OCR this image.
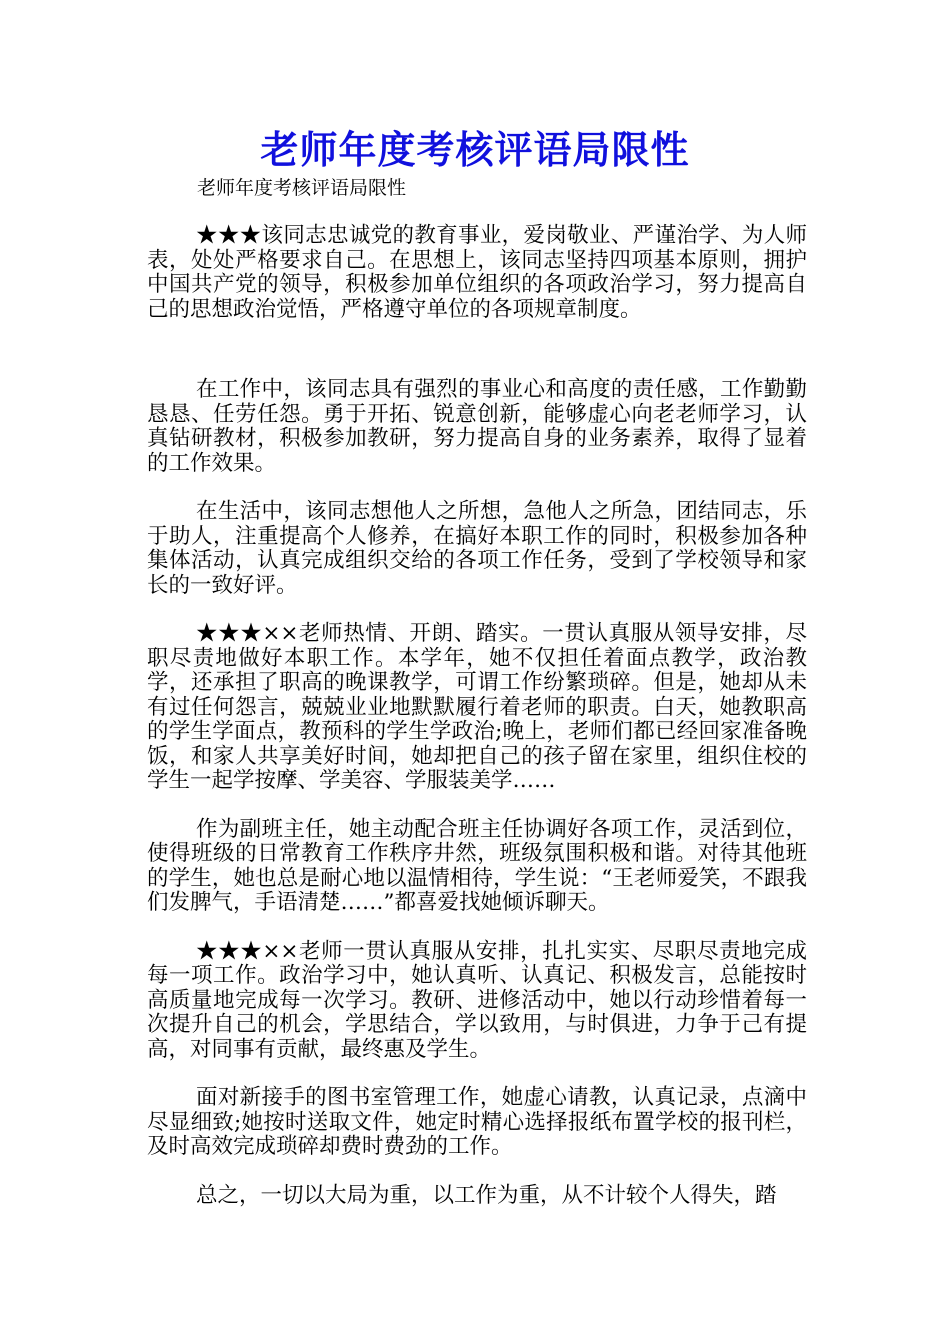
老师年度考核评语局限性

老师年度考核评语局限性

★★★该同志忠诚党的教育事业，爱岗敬业、严谨治学、为人师表，处处严格要求自己。在思想上，该同志坚持四项基本原则，拥护中国共产党的领导，积极参加单位组织的各项政治学习，努力提高自己的思想政治觉悟，严格遵守单位的各项规章制度。

在工作中，该同志具有强烈的事业心和高度的责任感，工作勤勤恳恳、任劳任怨。勇于开拓、锐意创新，能够虚心向老老师学习，认真钻研教材，积极参加教研，努力提高自身的业务素养，取得了显着的工作效果。

在生活中，该同志想他人之所想，急他人之所急，团结同志，乐于助人，注重提高个人修养，在搞好本职工作的同时，积极参加各种集体活动，认真完成组织交给的各项工作任务，受到了学校领导和家长的一致好评。

★★★××老师热情、开朗、踏实。一贯认真服从领导安排，尽职尽责地做好本职工作。本学年，她不仅担任着面点教学，政治教学，还承担了职高的晚课教学，可谓工作纷繁琐碎。但是，她却从未有过任何怨言，兢兢业业地默默履行着老师的职责。白天，她教职高的学生学面点，教预科的学生学政治;晚上，老师们都已经回家准备晚饭，和家人共享美好时间，她却把自己的孩子留在家里，组织住校的学生一起学按摩、学美容、学服装美学……

作为副班主任，她主动配合班主任协调好各项工作，灵活到位，使得班级的日常教育工作秩序井然，班级氛围积极和谐。对待其他班的学生，她也总是耐心地以温情相待，学生说：“王老师爱笑，不跟我们发脾气，手语清楚……”都喜爱找她倾诉聊天。

★★★××老师一贯认真服从安排，扎扎实实、尽职尽责地完成每一项工作。政治学习中，她认真听、认真记、积极发言，总能按时高质量地完成每一次学习。教研、进修活动中，她以行动珍惜着每一次提升自己的机会，学思结合，学以致用，与时俱进，力争于己有提高，对同事有贡献，最终惠及学生。

面对新接手的图书室管理工作，她虚心请教，认真记录，点滴中尽显细致;她按时送取文件，她定时精心选择报纸布置学校的报刊栏，及时高效完成琐碎却费时费劲的工作。

总之，一切以大局为重，以工作为重，从不计较个人得失，踏
